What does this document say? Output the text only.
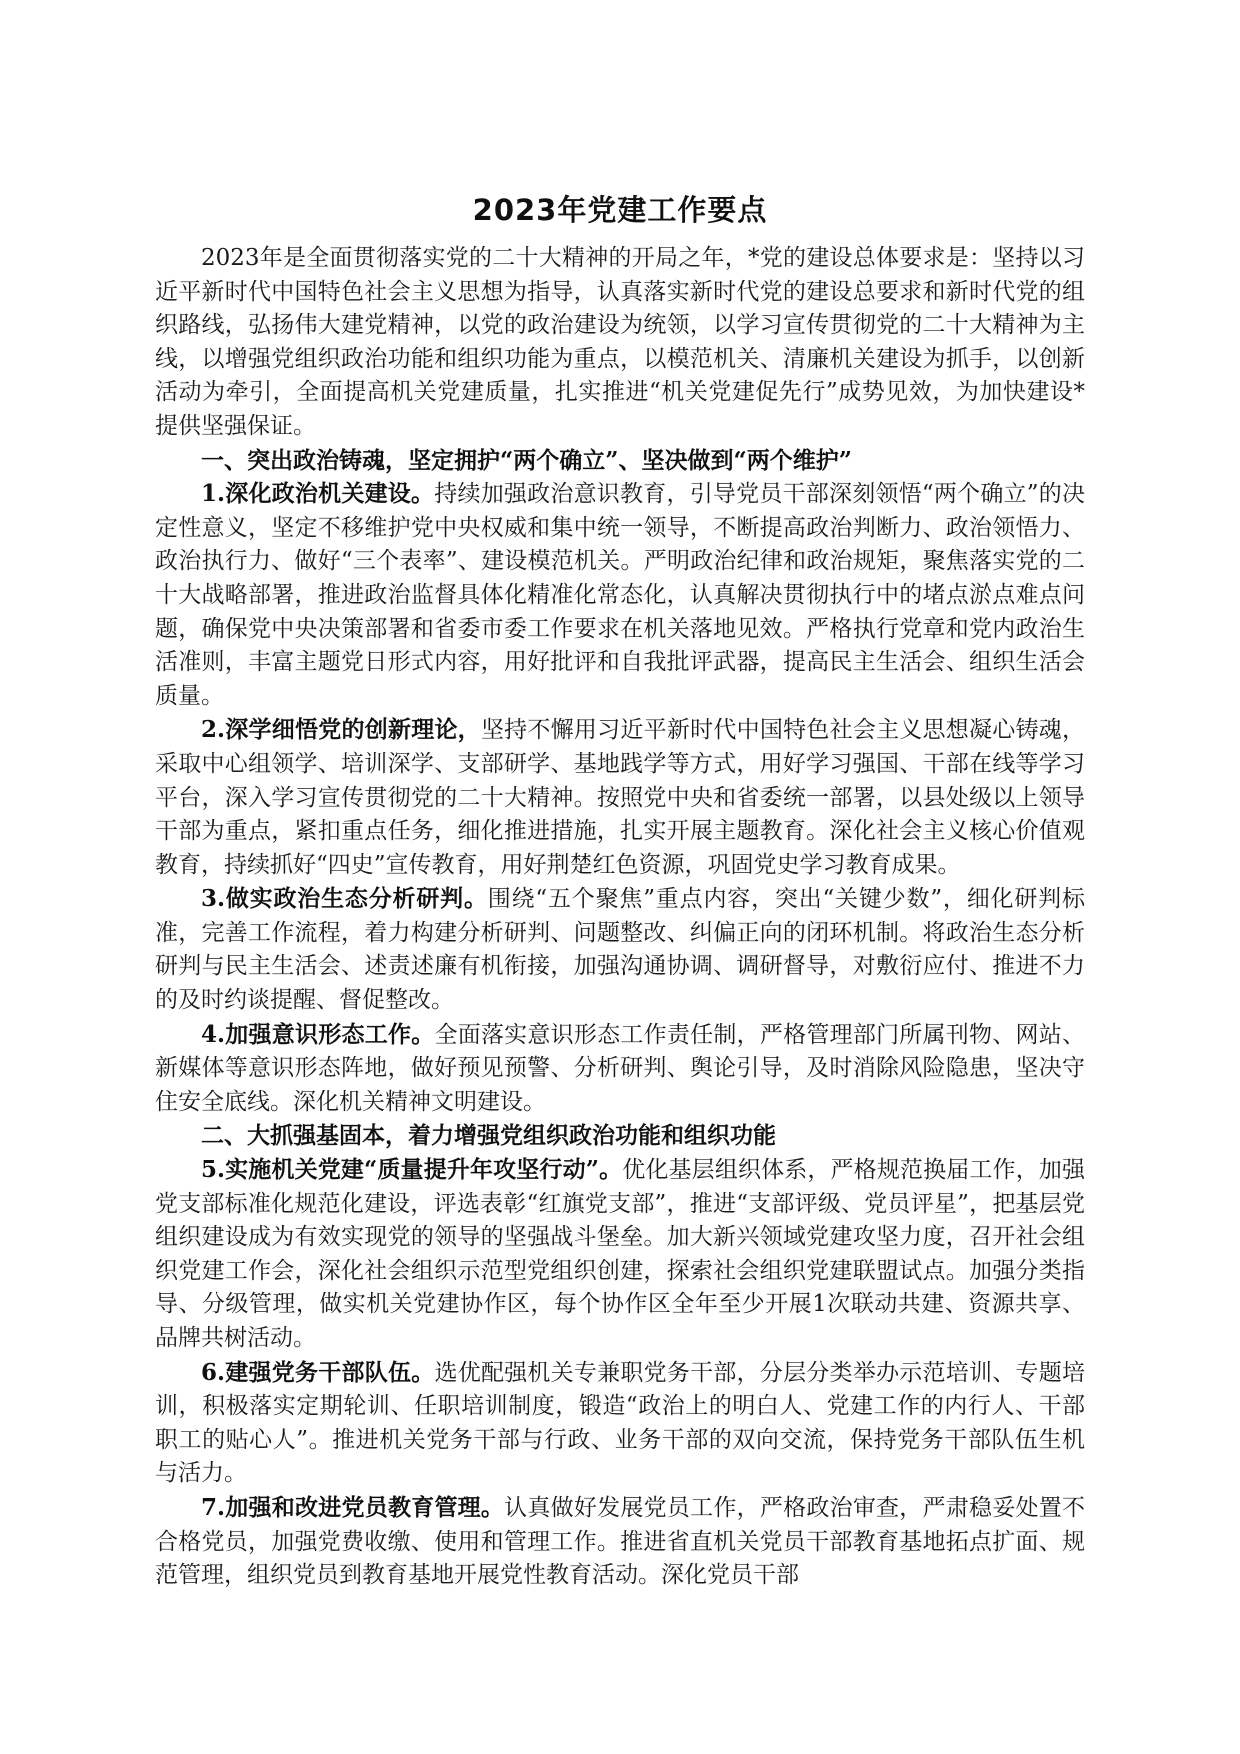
2023年党建工作要点

2023年是全面贯彻落实党的二十大精神的开局之年，*党的建设总体要求是：坚持以习近平新时代中国特色社会主义思想为指导，认真落实新时代党的建设总要求和新时代党的组织路线，弘扬伟大建党精神，以党的政治建设为统领，以学习宣传贯彻党的二十大精神为主线，以增强党组织政治功能和组织功能为重点，以模范机关、清廉机关建设为抓手，以创新活动为牵引，全面提高机关党建质量，扎实推进“机关党建促先行”成势见效，为加快建设*提供坚强保证。

一、突出政治铸魂，坚定拥护“两个确立”、坚决做到“两个维护”

1.深化政治机关建设。持续加强政治意识教育，引导党员干部深刻领悟“两个确立”的决定性意义，坚定不移维护党中央权威和集中统一领导，不断提高政治判断力、政治领悟力、政治执行力、做好“三个表率”、建设模范机关。严明政治纪律和政治规矩，聚焦落实党的二十大战略部署，推进政治监督具体化精准化常态化，认真解决贯彻执行中的堵点淤点难点问题，确保党中央决策部署和省委市委工作要求在机关落地见效。严格执行党章和党内政治生活准则，丰富主题党日形式内容，用好批评和自我批评武器，提高民主生活会、组织生活会质量。

2.深学细悟党的创新理论，坚持不懈用习近平新时代中国特色社会主义思想凝心铸魂，采取中心组领学、培训深学、支部研学、基地践学等方式，用好学习强国、干部在线等学习平台，深入学习宣传贯彻党的二十大精神。按照党中央和省委统一部署，以县处级以上领导干部为重点，紧扣重点任务，细化推进措施，扎实开展主题教育。深化社会主义核心价值观教育，持续抓好“四史”宣传教育，用好荆楚红色资源，巩固党史学习教育成果。

3.做实政治生态分析研判。围绕“五个聚焦”重点内容，突出“关键少数”，细化研判标准，完善工作流程，着力构建分析研判、问题整改、纠偏正向的闭环机制。将政治生态分析研判与民主生活会、述责述廉有机衔接，加强沟通协调、调研督导，对敷衍应付、推进不力的及时约谈提醒、督促整改。

4.加强意识形态工作。全面落实意识形态工作责任制，严格管理部门所属刊物、网站、新媒体等意识形态阵地，做好预见预警、分析研判、舆论引导，及时消除风险隐患，坚决守住安全底线。深化机关精神文明建设。

二、大抓强基固本，着力增强党组织政治功能和组织功能

5.实施机关党建“质量提升年攻坚行动”。优化基层组织体系，严格规范换届工作，加强党支部标准化规范化建设，评选表彰“红旗党支部”，推进“支部评级、党员评星”，把基层党组织建设成为有效实现党的领导的坚强战斗堡垒。加大新兴领域党建攻坚力度，召开社会组织党建工作会，深化社会组织示范型党组织创建，探索社会组织党建联盟试点。加强分类指导、分级管理，做实机关党建协作区，每个协作区全年至少开展1次联动共建、资源共享、品牌共树活动。

6.建强党务干部队伍。选优配强机关专兼职党务干部，分层分类举办示范培训、专题培训，积极落实定期轮训、任职培训制度，锻造“政治上的明白人、党建工作的内行人、干部职工的贴心人”。推进机关党务干部与行政、业务干部的双向交流，保持党务干部队伍生机与活力。

7.加强和改进党员教育管理。认真做好发展党员工作，严格政治审查，严肃稳妥处置不合格党员，加强党费收缴、使用和管理工作。推进省直机关党员干部教育基地拓点扩面、规范管理，组织党员到教育基地开展党性教育活动。深化党员干部
